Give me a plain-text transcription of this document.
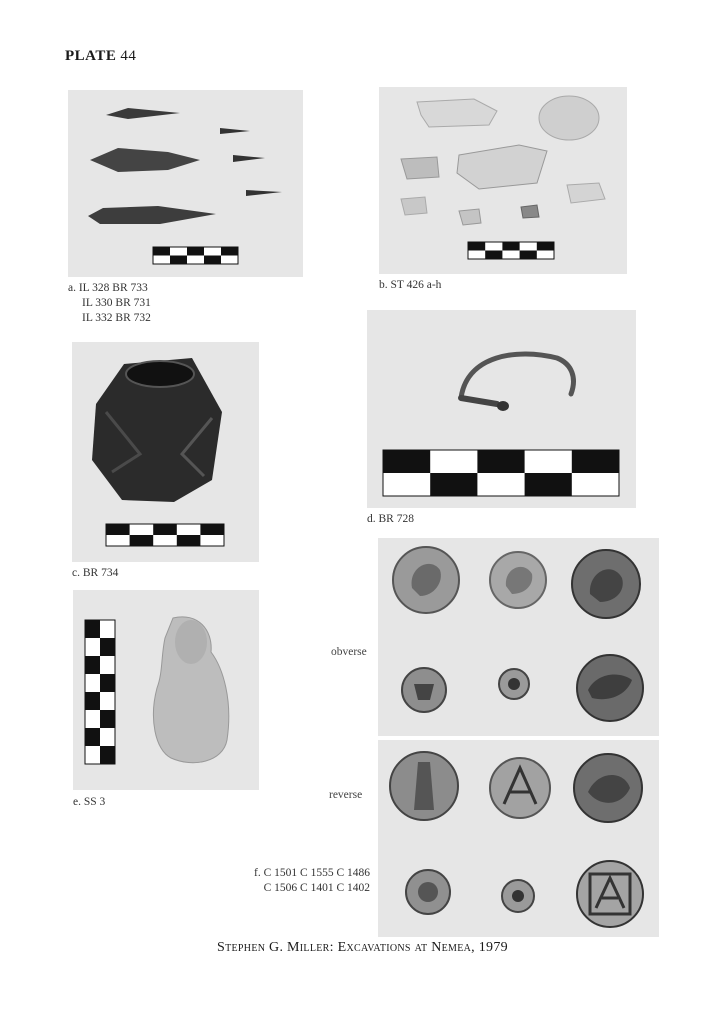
PLATE 44
a. IL 328 BR 733
IL 330 BR 731
IL 332 BR 732
b. ST 426 a-h
c. BR 734
d. BR 728
e. SS 3
obverse
reverse
f. C 1501 C 1555 C 1486
C 1506 C 1401 C 1402
Stephen G. Miller: Excavations at Nemea, 1979
